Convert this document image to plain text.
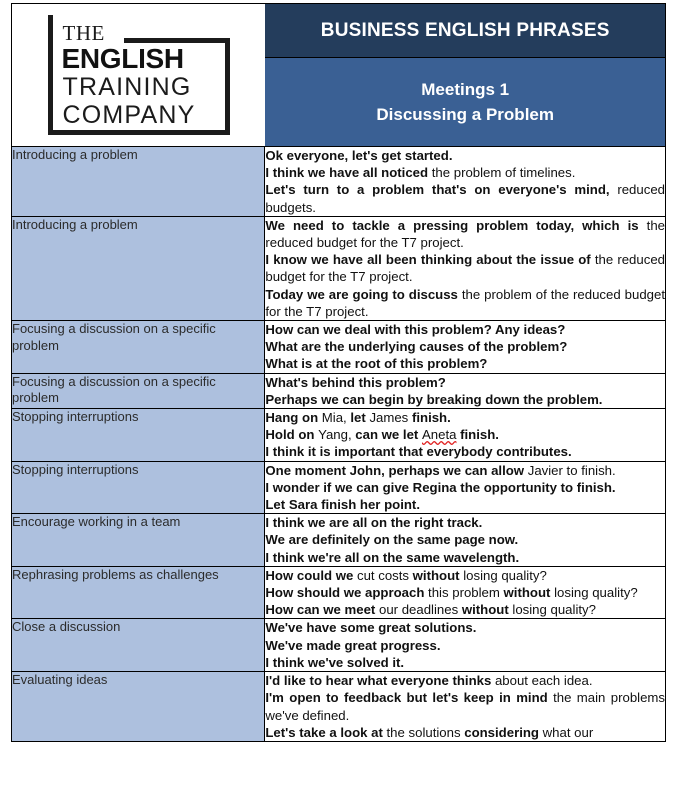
THE
ENGLISH
TRAINING
COMPANY

BUSINESS ENGLISH PHRASES
Meetings 1
Discussing a Problem

Introducing a problem	Ok everyone, let's get started.

I think we have all noticed the problem of timelines.

Let's turn to a problem that's on everyone's mind, reduced budgets.

Introducing a problem	We need to tackle a pressing problem today, which is the reduced budget for the T7 project.

I know we have all been thinking about the issue of the reduced budget for the T7 project.

Today we are going to discuss the problem of the reduced budget for the T7 project.

Focusing a discussion on a specific problem	How can we deal with this problem? Any ideas?

What are the underlying causes of the problem?

What is at the root of this problem?

Focusing a discussion on a specific problem	What's behind this problem?

Perhaps we can begin by breaking down the problem.

Stopping interruptions	Hang on Mia, let James finish.

Hold on Yang, can we let Aneta finish.

I think it is important that everybody contributes.

Stopping interruptions	One moment John, perhaps we can allow Javier to finish.

I wonder if we can give Regina the opportunity to finish.

Let Sara finish her point.

Encourage working in a team	I think we are all on the right track.

We are definitely on the same page now.

I think we're all on the same wavelength.

Rephrasing problems as challenges	How could we cut costs without losing quality?

How should we approach this problem without losing quality?

How can we meet our deadlines without losing quality?

Close a discussion	We've have some great solutions.

We've made great progress.

I think we've solved it.

Evaluating ideas	I'd like to hear what everyone thinks about each idea.

I'm open to feedback but let's keep in mind the main problems we've defined.

Let's take a look at the solutions considering what our
